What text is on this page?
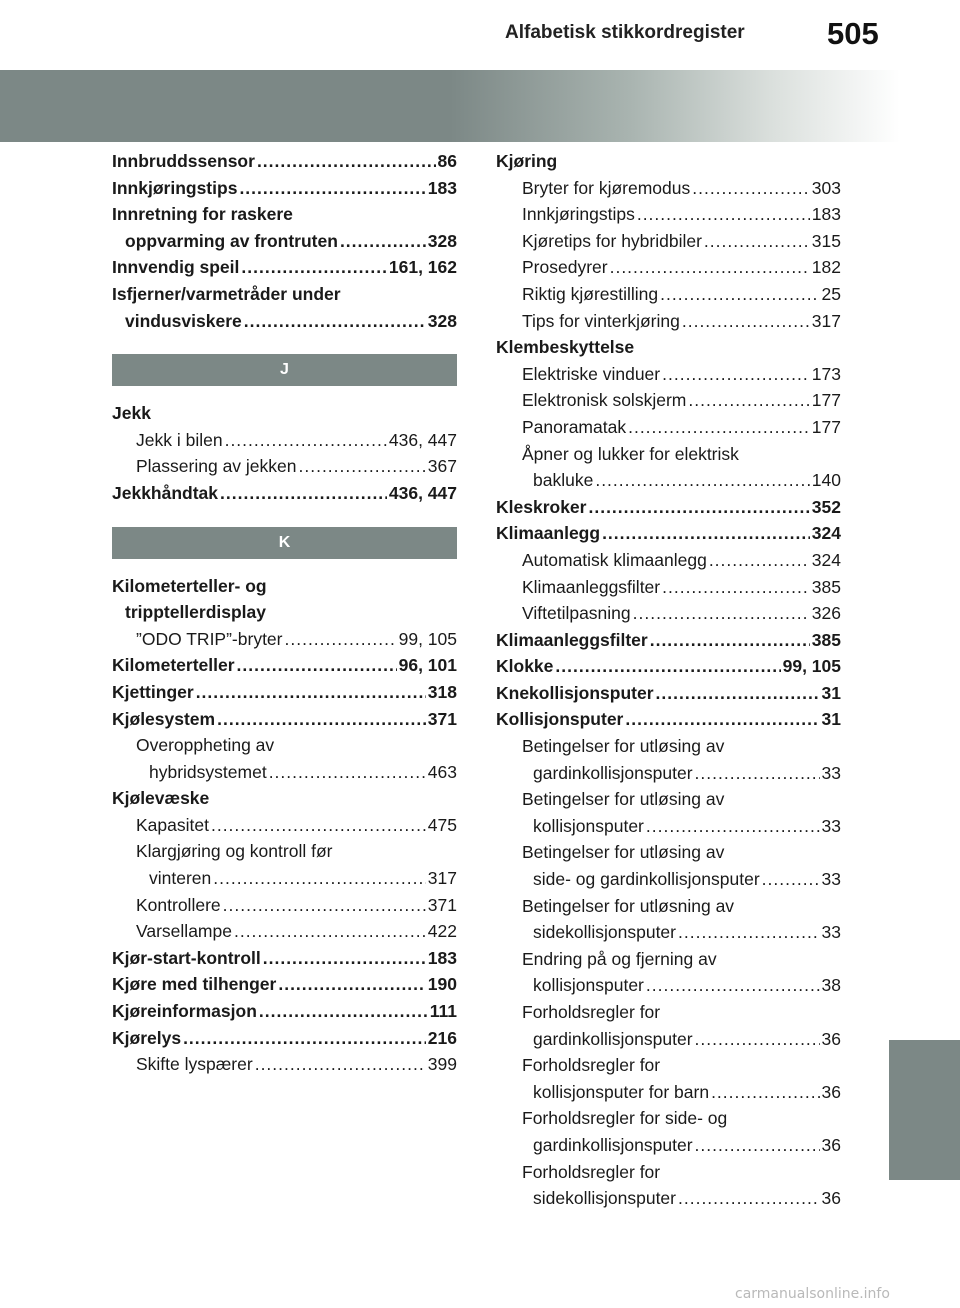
Alfabetisk stikkordregister	505
Innbruddssensor .....	86
Innkjøringstips .....	183
Innretning for raskere
oppvarming av frontruten .....	328
Innvendig speil .....	161, 162
Isfjerner/varmetråder under
vindusviskere .....	328
J
Jekk
Jekk i bilen .....	436, 447
Plassering av jekken .....	367
Jekkhåndtak .....	436, 447
K
Kilometerteller- og
tripptellerdisplay
”ODO TRIP”-bryter .....	99, 105
Kilometerteller .....	96, 101
Kjettinger .....	318
Kjølesystem .....	371
Overoppheting av
hybridsystemet .....	463
Kjølevæske
Kapasitet .....	475
Klargjøring og kontroll før
vinteren .....	317
Kontrollere .....	371
Varsellampe .....	422
Kjør-start-kontroll .....	183
Kjøre med tilhenger .....	190
Kjøreinformasjon .....	111
Kjørelys .....	216
Skifte lyspærer .....	399
Kjøring
Bryter for kjøremodus .....	303
Innkjøringstips .....	183
Kjøretips for hybridbiler .....	315
Prosedyrer .....	182
Riktig kjørestilling .....	25
Tips for vinterkjøring .....	317
Klembeskyttelse
Elektriske vinduer .....	173
Elektronisk solskjerm .....	177
Panoramatak .....	177
Åpner og lukker for elektrisk
bakluke .....	140
Kleskroker .....	352
Klimaanlegg .....	324
Automatisk klimaanlegg .....	324
Klimaanleggsfilter .....	385
Viftetilpasning .....	326
Klimaanleggsfilter .....	385
Klokke .....	99, 105
Knekollisjonsputer .....	31
Kollisjonsputer .....	31
Betingelser for utløsing av
gardinkollisjonsputer .....	33
Betingelser for utløsing av
kollisjonsputer .....	33
Betingelser for utløsing av
side- og gardinkollisjonsputer .....	33
Betingelser for utløsning av
sidekollisjonsputer .....	33
Endring på og fjerning av
kollisjonsputer .....	38
Forholdsregler for
gardinkollisjonsputer .....	36
Forholdsregler for
kollisjonsputer for barn .....	36
Forholdsregler for side- og
gardinkollisjonsputer .....	36
Forholdsregler for
sidekollisjonsputer .....	36
carmanualsonline.info
